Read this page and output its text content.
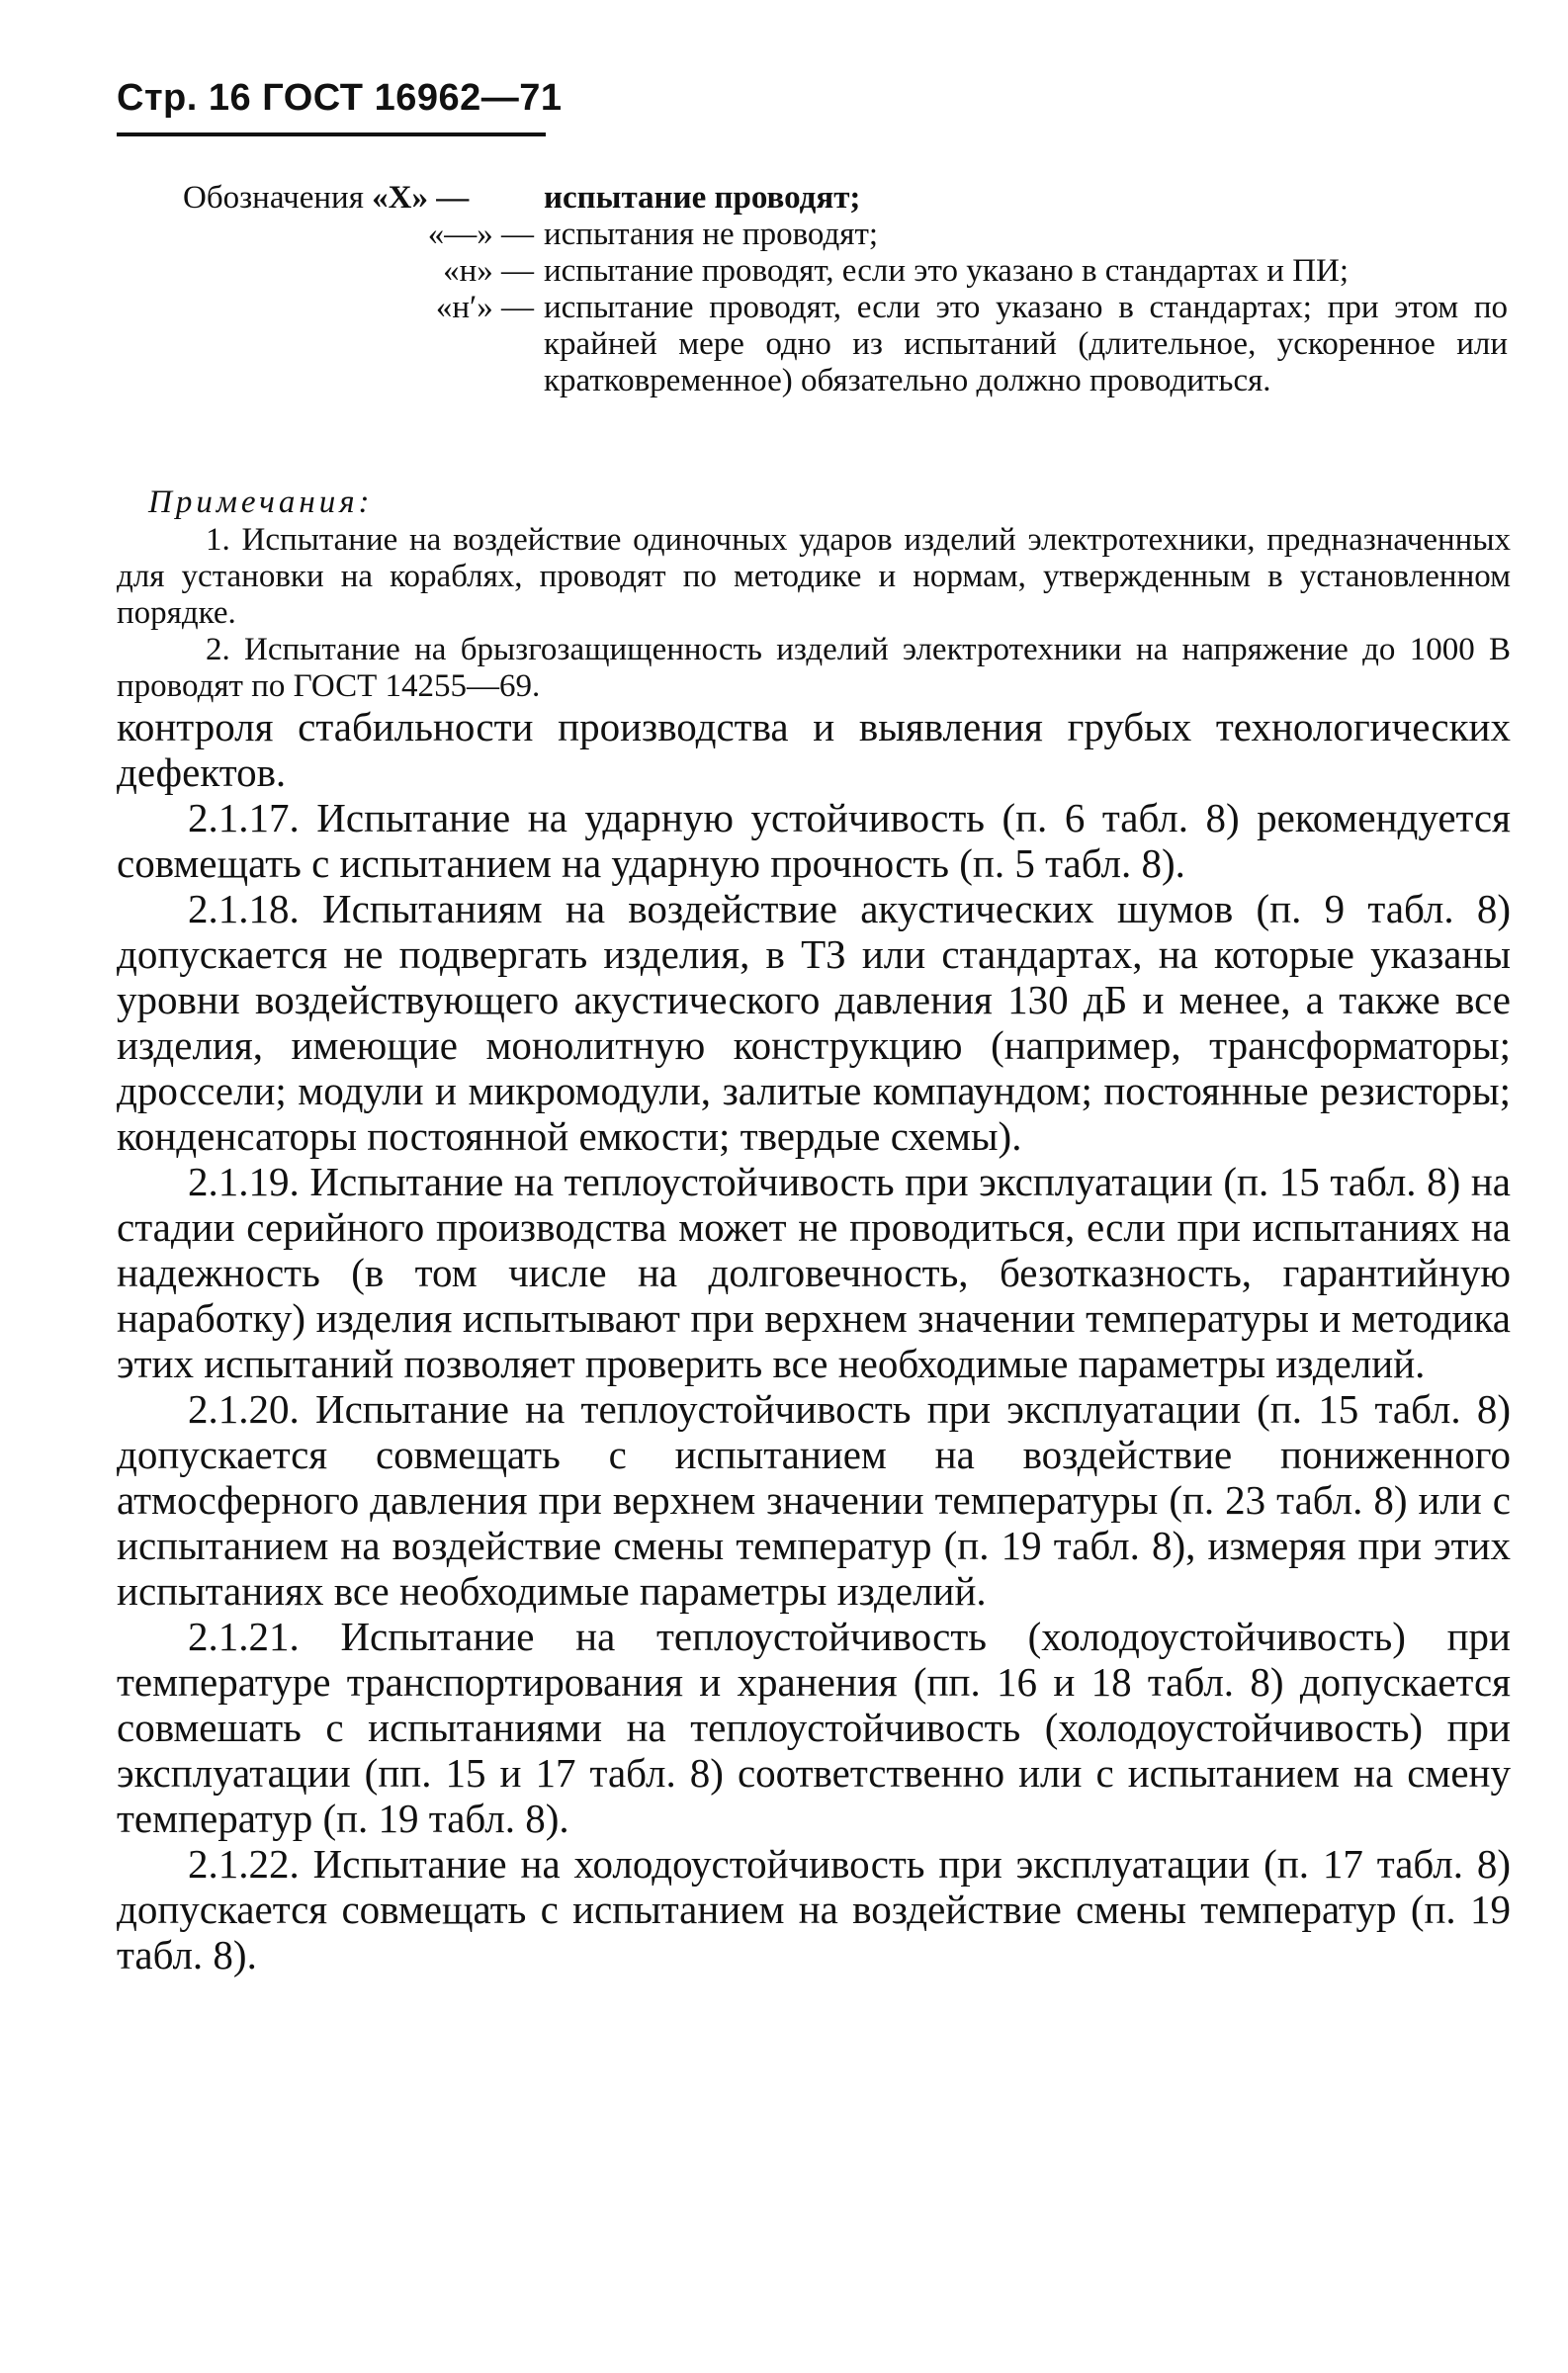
Стр. 16 ГОСТ 16962—71
Обозначения «Х» —	испытание проводят;
«—» — испытания не проводят;
«н» — испытание проводят, если это указано в стандартах и ПИ;
«н′» — испытание проводят, если это указано в стандартах; при этом по крайней мере одно из испытаний (длительное, ускоренное или кратковременное) обязательно должно проводиться.
Примечания:

1. Испытание на воздействие одиночных ударов изделий электротехники, предназначенных для установки на кораблях, проводят по методике и нормам, утвержденным в установленном порядке.

2. Испытание на брызгозащищенность изделий электротехники на напряжение до 1000 В проводят по ГОСТ 14255—69.

контроля стабильности производства и выявления грубых технологических дефектов.

2.1.17. Испытание на ударную устойчивость (п. 6 табл. 8) рекомендуется совмещать с испытанием на ударную прочность (п. 5 табл. 8).

2.1.18. Испытаниям на воздействие акустических шумов (п. 9 табл. 8) допускается не подвергать изделия, в ТЗ или стандартах, на которые указаны уровни воздействующего акустического давления 130 дБ и менее, а также все изделия, имеющие монолитную конструкцию (например, трансформаторы; дроссели; модули и микромодули, залитые компаундом; постоянные резисторы; конденсаторы постоянной емкости; твердые схемы).

2.1.19. Испытание на теплоустойчивость при эксплуатации (п. 15 табл. 8) на стадии серийного производства может не проводиться, если при испытаниях на надежность (в том числе на долговечность, безотказность, гарантийную наработку) изделия испытывают при верхнем значении температуры и методика этих испытаний позволяет проверить все необходимые параметры изделий.

2.1.20. Испытание на теплоустойчивость при эксплуатации (п. 15 табл. 8) допускается совмещать с испытанием на воздействие пониженного атмосферного давления при верхнем значении температуры (п. 23 табл. 8) или с испытанием на воздействие смены температур (п. 19 табл. 8), измеряя при этих испытаниях все необходимые параметры изделий.

2.1.21. Испытание на теплоустойчивость (холодоустойчивость) при температуре транспортирования и хранения (пп. 16 и 18 табл. 8) допускается совмешать с испытаниями на теплоустойчивость (холодоустойчивость) при эксплуатации (пп. 15 и 17 табл. 8) соответственно или с испытанием на смену температур (п. 19 табл. 8).

2.1.22. Испытание на холодоустойчивость при эксплуатации (п. 17 табл. 8) допускается совмещать с испытанием на воздействие смены температур (п. 19 табл. 8).
